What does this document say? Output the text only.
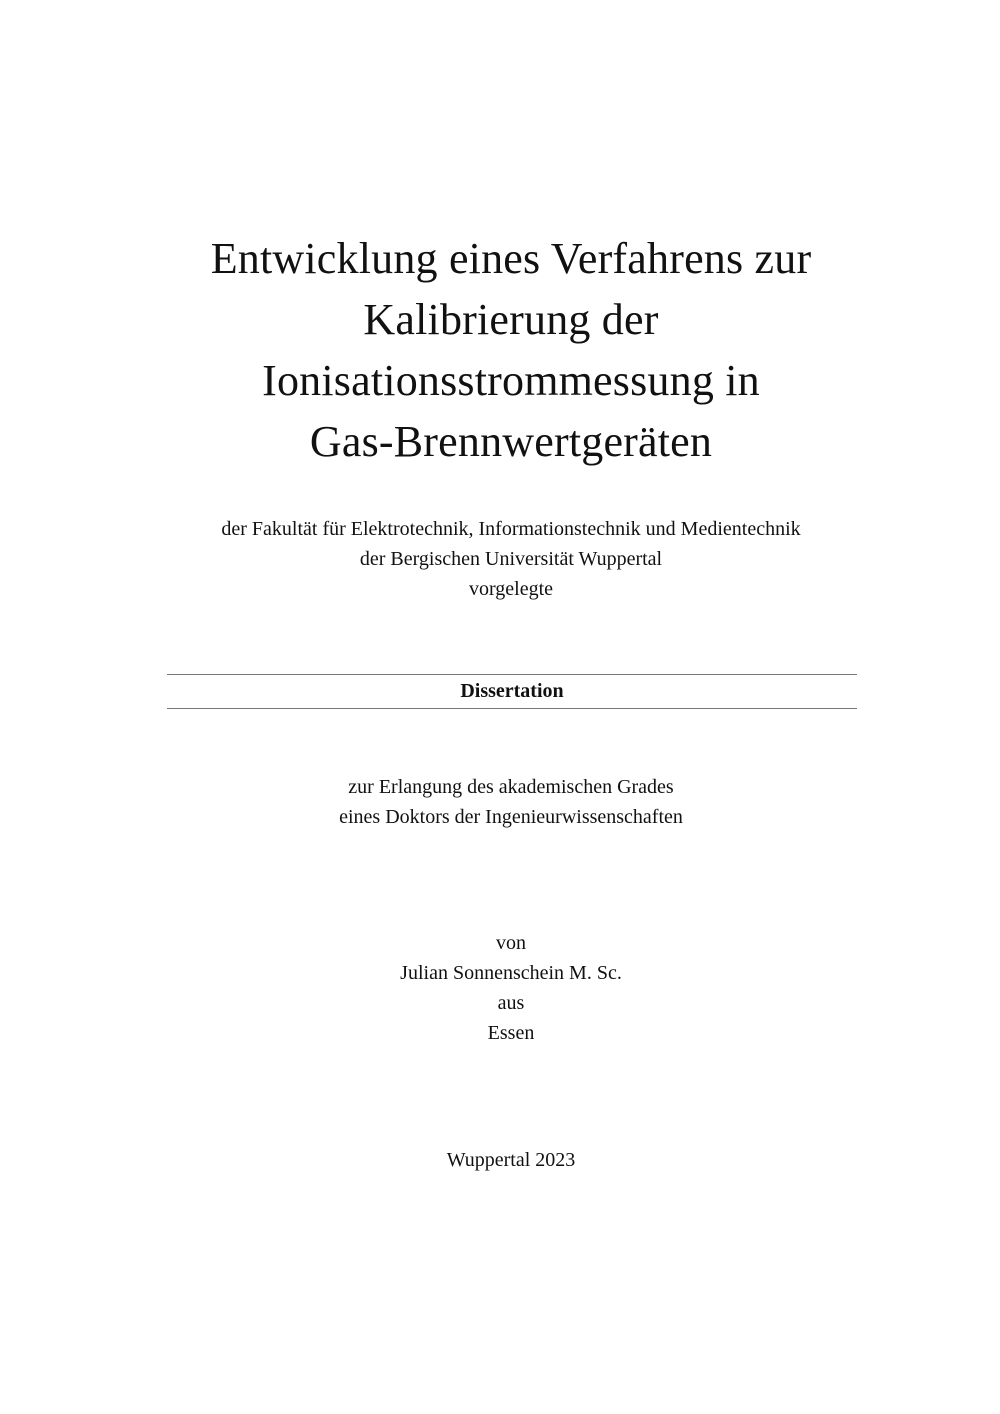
Entwicklung eines Verfahrens zur
Kalibrierung der
Ionisationsstrommessung in
Gas-Brennwertgeräten
der Fakultät für Elektrotechnik, Informationstechnik und Medientechnik
der Bergischen Universität Wuppertal
vorgelegte
Dissertation
zur Erlangung des akademischen Grades
eines Doktors der Ingenieurwissenschaften
von
Julian Sonnenschein M. Sc.
aus
Essen
Wuppertal 2023
